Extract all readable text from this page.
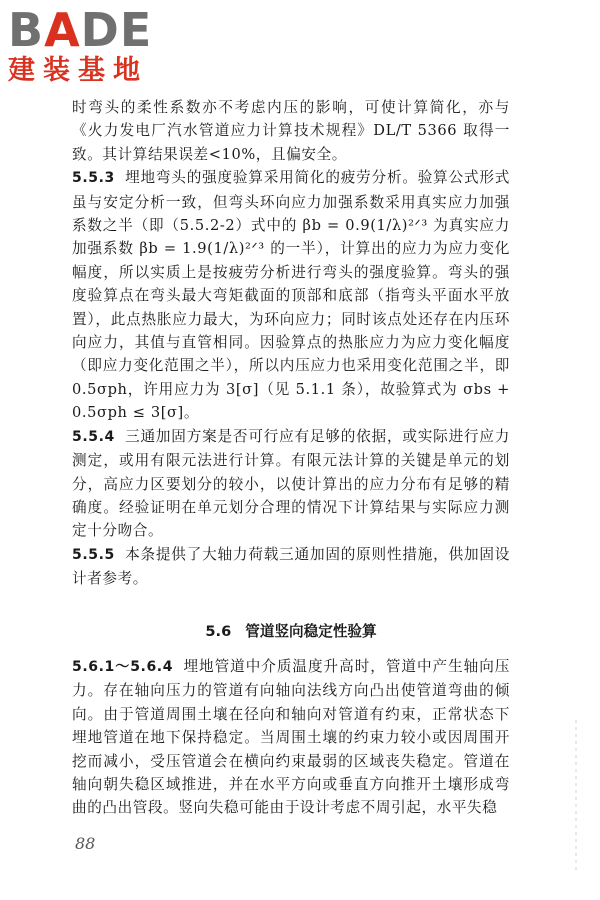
BADE
建装基地

时弯头的柔性系数亦不考虑内压的影响，可使计算简化，亦与《火力发电厂汽水管道应力计算技术规程》DL/T 5366 取得一致。其计算结果误差<10%，且偏安全。

5.5.3 埋地弯头的强度验算采用简化的疲劳分析。验算公式形式虽与安定分析一致，但弯头环向应力加强系数采用真实应力加强系数之半（即（5.5.2-2）式中的 βb = 0.9(1/λ)²ᐟ³ 为真实应力加强系数 βb = 1.9(1/λ)²ᐟ³ 的一半），计算出的应力为应力变化幅度，所以实质上是按疲劳分析进行弯头的强度验算。弯头的强度验算点在弯头最大弯矩截面的顶部和底部（指弯头平面水平放置），此点热胀应力最大，为环向应力；同时该点处还存在内压环向应力，其值与直管相同。因验算点的热胀应力为应力变化幅度（即应力变化范围之半），所以内压应力也采用变化范围之半，即 0.5σph，许用应力为 3[σ]（见 5.1.1 条），故验算式为 σbs + 0.5σph ≤ 3[σ]。

5.5.4 三通加固方案是否可行应有足够的依据，或实际进行应力测定，或用有限元法进行计算。有限元法计算的关键是单元的划分，高应力区要划分的较小，以使计算出的应力分布有足够的精确度。经验证明在单元划分合理的情况下计算结果与实际应力测定十分吻合。

5.5.5 本条提供了大轴力荷载三通加固的原则性措施，供加固设计者参考。

5.6 管道竖向稳定性验算

5.6.1～5.6.4 埋地管道中介质温度升高时，管道中产生轴向压力。存在轴向压力的管道有向轴向法线方向凸出使管道弯曲的倾向。由于管道周围土壤在径向和轴向对管道有约束，正常状态下埋地管道在地下保持稳定。当周围土壤的约束力较小或因周围开挖而减小，受压管道会在横向约束最弱的区域丧失稳定。管道在轴向朝失稳区域推进，并在水平方向或垂直方向推开土壤形成弯曲的凸出管段。竖向失稳可能由于设计考虑不周引起，水平失稳

88
